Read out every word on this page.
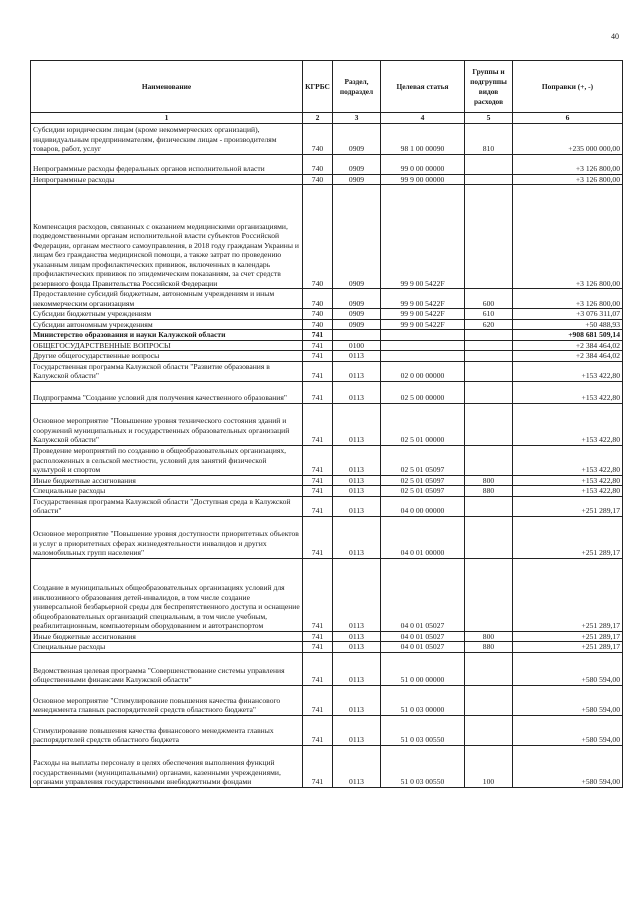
40
Наименование	КГРБС	Раздел, подраздел	Целевая статья	Группы и подгруппы видов расходов	Поправки (+, -)
1	2	3	4	5	6
Субсидии юридическим лицам (кроме некоммерческих организаций), индивидуальным предпринимателям, физическим лицам - производителям товаров, работ, услуг	740	0909	98 1 00 00090	810	+235 000 000,00
Непрограммные расходы федеральных органов исполнительной власти	740	0909	99 0 00 00000		+3 126 800,00
Непрограммные расходы	740	0909	99 9 00 00000		+3 126 800,00
Компенсация расходов, связанных с оказанием медицинскими организациями, подведомственными органам исполнительной власти субъектов Российской Федерации, органам местного самоуправления, в 2018 году гражданам Украины и лицам без гражданства медицинской помощи, а также затрат по проведению указанным лицам профилактических прививок, включенных в календарь профилактических прививок по эпидемическим показаниям, за счет средств резервного фонда Правительства Российской Федерации	740	0909	99 9 00 5422F		+3 126 800,00
Предоставление субсидий бюджетным, автономным учреждениям и иным некоммерческим организациям	740	0909	99 9 00 5422F	600	+3 126 800,00
Субсидии бюджетным учреждениям	740	0909	99 9 00 5422F	610	+3 076 311,07
Субсидии автономным учреждениям	740	0909	99 9 00 5422F	620	+50 488,93
Министерство образования и науки Калужской области	741				+908 681 509,14
ОБЩЕГОСУДАРСТВЕННЫЕ ВОПРОСЫ	741	0100			+2 384 464,02
Другие общегосударственные вопросы	741	0113			+2 384 464,02
Государственная программа Калужской области "Развитие образования в Калужской области"	741	0113	02 0 00 00000		+153 422,80
Подпрограмма "Создание условий для получения качественного образования"	741	0113	02 5 00 00000		+153 422,80
Основное мероприятие "Повышение уровня технического состояния зданий и сооружений муниципальных и государственных образовательных организаций Калужской области"	741	0113	02 5 01 00000		+153 422,80
Проведение мероприятий по созданию в общеобразовательных организациях, расположенных в сельской местности, условий для занятий физической культурой и спортом	741	0113	02 5 01 05097		+153 422,80
Иные бюджетные ассигнования	741	0113	02 5 01 05097	800	+153 422,80
Специальные расходы	741	0113	02 5 01 05097	880	+153 422,80
Государственная программа Калужской области "Доступная среда в Калужской области"	741	0113	04 0 00 00000		+251 289,17
Основное мероприятие "Повышение уровня доступности приоритетных объектов и услуг в приоритетных сферах жизнедеятельности инвалидов и других маломобильных групп населения"	741	0113	04 0 01 00000		+251 289,17
Создание в муниципальных общеобразовательных организациях условий для инклюзивного образования детей-инвалидов, в том числе создание универсальной безбарьерной среды для беспрепятственного доступа и оснащение общеобразовательных организаций специальным, в том числе учебным, реабилитационным, компьютерным оборудованием и автотранспортом	741	0113	04 0 01 05027		+251 289,17
Иные бюджетные ассигнования	741	0113	04 0 01 05027	800	+251 289,17
Специальные расходы	741	0113	04 0 01 05027	880	+251 289,17
Ведомственная целевая программа "Совершенствование системы управления общественными финансами Калужской области"	741	0113	51 0 00 00000		+580 594,00
Основное мероприятие "Стимулирование повышения качества финансового менеджмента главных распорядителей средств областного бюджета"	741	0113	51 0 03 00000		+580 594,00
Стимулирование повышения качества финансового менеджмента главных распорядителей средств областного бюджета	741	0113	51 0 03 00550		+580 594,00
Расходы на выплаты персоналу в целях обеспечения выполнения функций государственными (муниципальными) органами, казенными учреждениями, органами управления государственными внебюджетными фондами	741	0113	51 0 03 00550	100	+580 594,00
